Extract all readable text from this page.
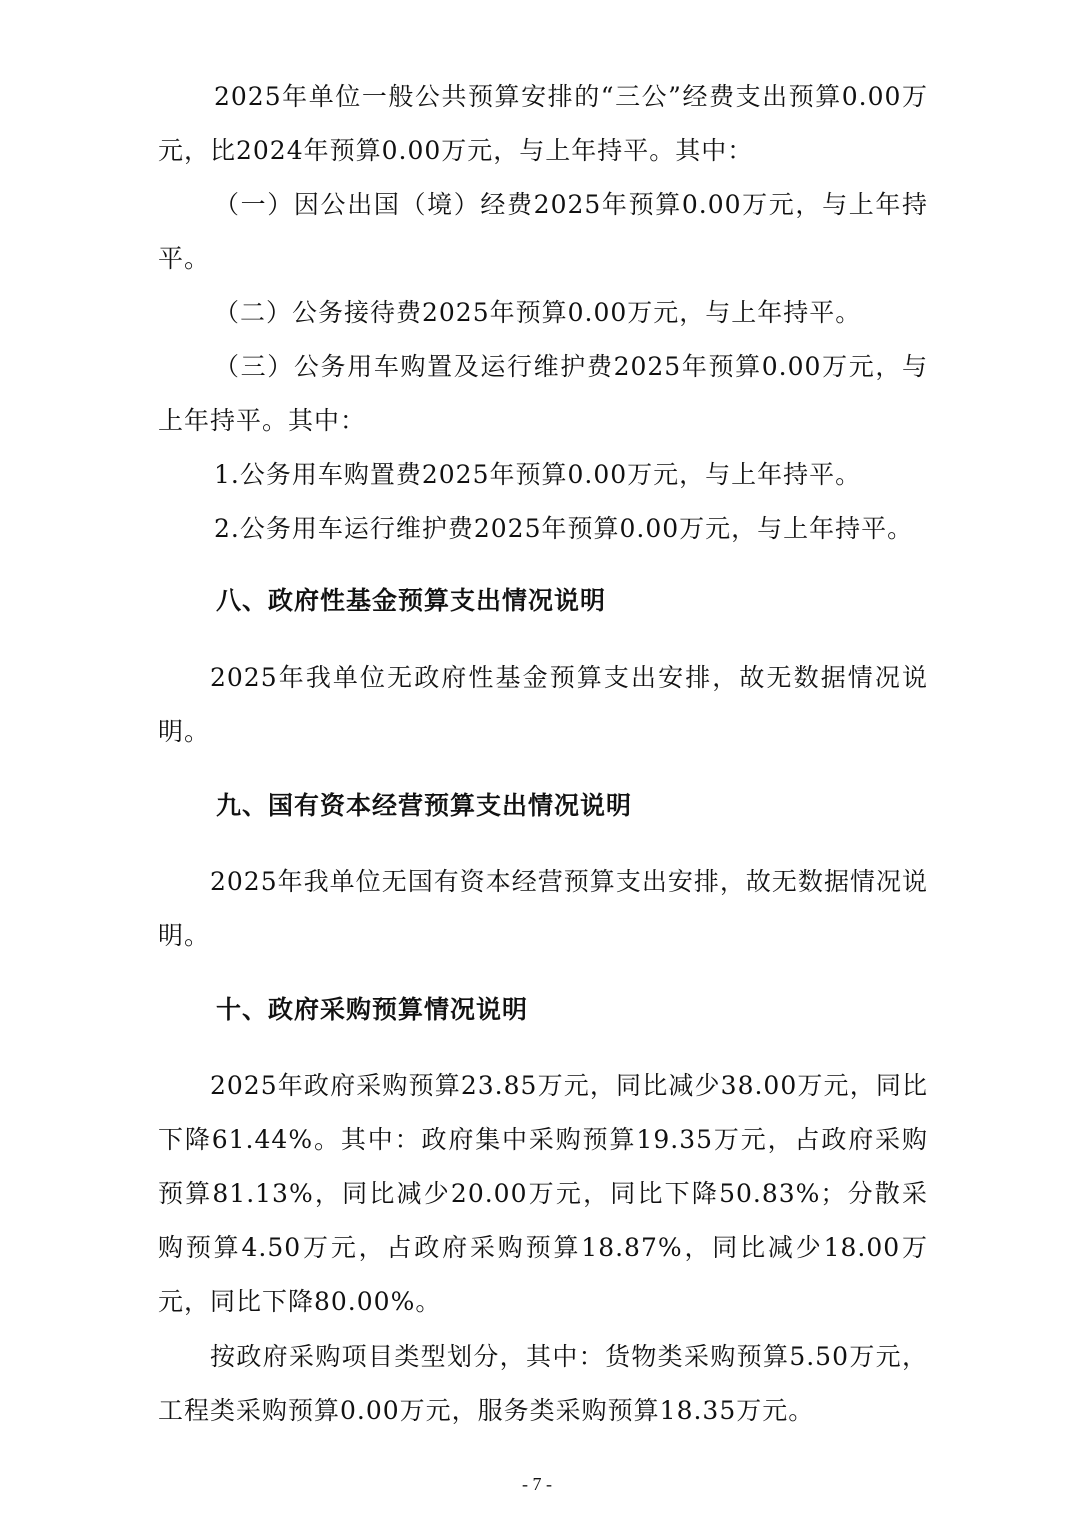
2025年单位一般公共预算安排的“三公”经费支出预算0.00万元，比2024年预算0.00万元，与上年持平。其中：

（一）因公出国（境）经费2025年预算0.00万元，与上年持平。

（二）公务接待费2025年预算0.00万元，与上年持平。

（三）公务用车购置及运行维护费2025年预算0.00万元，与上年持平。其中：

1.公务用车购置费2025年预算0.00万元，与上年持平。

2.公务用车运行维护费2025年预算0.00万元，与上年持平。

八、政府性基金预算支出情况说明

2025年我单位无政府性基金预算支出安排，故无数据情况说明。

九、国有资本经营预算支出情况说明

2025年我单位无国有资本经营预算支出安排，故无数据情况说明。

十、政府采购预算情况说明

2025年政府采购预算23.85万元，同比减少38.00万元，同比下降61.44%。其中：政府集中采购预算19.35万元，占政府采购预算81.13%，同比减少20.00万元，同比下降50.83%；分散采购预算4.50万元，占政府采购预算18.87%，同比减少18.00万元，同比下降80.00%。

按政府采购项目类型划分，其中：货物类采购预算5.50万元，工程类采购预算0.00万元，服务类采购预算18.35万元。

- 7 -
